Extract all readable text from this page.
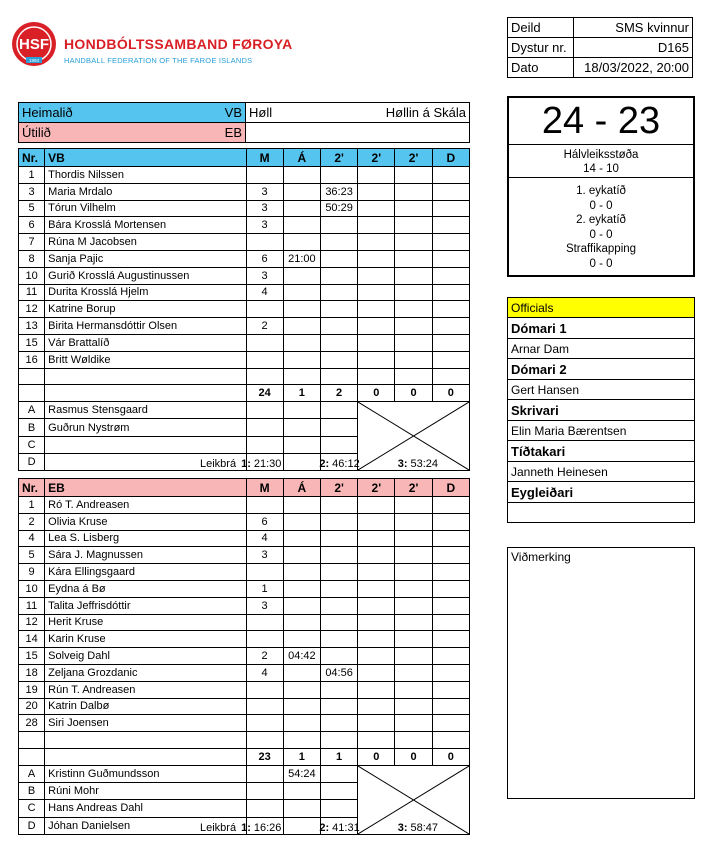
HSF
1993
HONDBÓLTSSAMBAND FØROYA
HANDBALL FEDERATION OF THE FAROE ISLANDS
Deild	SMS kvinnur
Dystur nr.	D165
Dato	18/03/2022, 20:00
Heimalið VB	Høll Høllin á Skála

Útilið EB	

Nr.	VB	M	Á	2'	2'	2'	D
1	Thordis Nilssen						
3	Maria Mrdalo	3		36:23			
5	Tórun Vilhelm	3		50:29			
6	Bára Krosslá Mortensen	3					
7	Rúna M Jacobsen						
8	Sanja Pajic	6	21:00				
10	Gurið Krosslá Augustinussen	3					
11	Durita Krosslá Hjelm	4					
12	Katrine Borup						
13	Birita Hermansdóttir Olsen	2					
15	Vár Brattalíð						
16	Britt Wøldike						

		24	1	2	0	0	0
A	Rasmus Stensgaard				

B	Guðrun Nystrøm						
C							
D								Leikbrá 1: 21:30	2: 46:12	3: 53:24
Nr.	EB	M	Á	2'	2'	2'	D
1	Ró T. Andreasen						
2	Olivia Kruse	6					
4	Lea S. Lisberg	4					
5	Sára J. Magnussen	3					
9	Kára Ellingsgaard						
10	Eydna á Bø	1					
11	Talita Jeffrisdóttir	3					
12	Herit Kruse						
14	Karin Kruse						
15	Solveig Dahl	2	04:42				
18	Zeljana Grozdanic	4		04:56			
19	Rún T. Andreasen						
20	Katrin Dalbø						
28	Siri Joensen						

		23	1	1	0	0	0
A	Kristinn Guðmundsson		54:24		

B	Rúni Mohr						
C	Hans Andreas Dahl						
D	Jóhan Danielsen							Leikbrá 1: 16:26	2: 41:31	3: 58:47
24 - 23
Hálvleiksstøða
14 - 10
1. eykatíð
0 - 0
2. eykatíð
0 - 0
Straffikapping
0 - 0
Officials
Dómari 1
Arnar Dam
Dómari 2
Gert Hansen
Skrivari
Elin Maria Bærentsen
Tíðtakari
Janneth Heinesen
Eygleiðari

Viðmerking
